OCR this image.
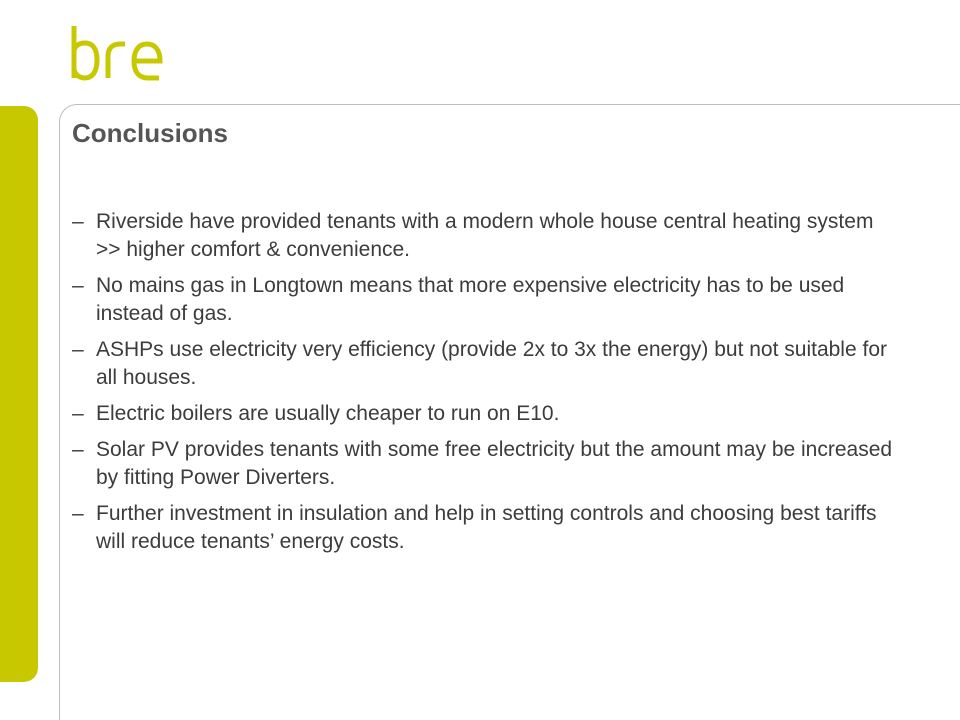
Conclusions
– Riverside have provided tenants with a modern whole house central heating system >> higher comfort & convenience.
– No mains gas in Longtown means that more expensive electricity has to be used instead of gas.
– ASHPs use electricity very efficiency (provide 2x to 3x the energy) but not suitable for all houses.
– Electric boilers are usually cheaper to run on E10.
– Solar PV provides tenants with some free electricity but the amount may be increased by fitting Power Diverters.
– Further investment in insulation and help in setting controls and choosing best tariffs will reduce tenants’ energy costs.
